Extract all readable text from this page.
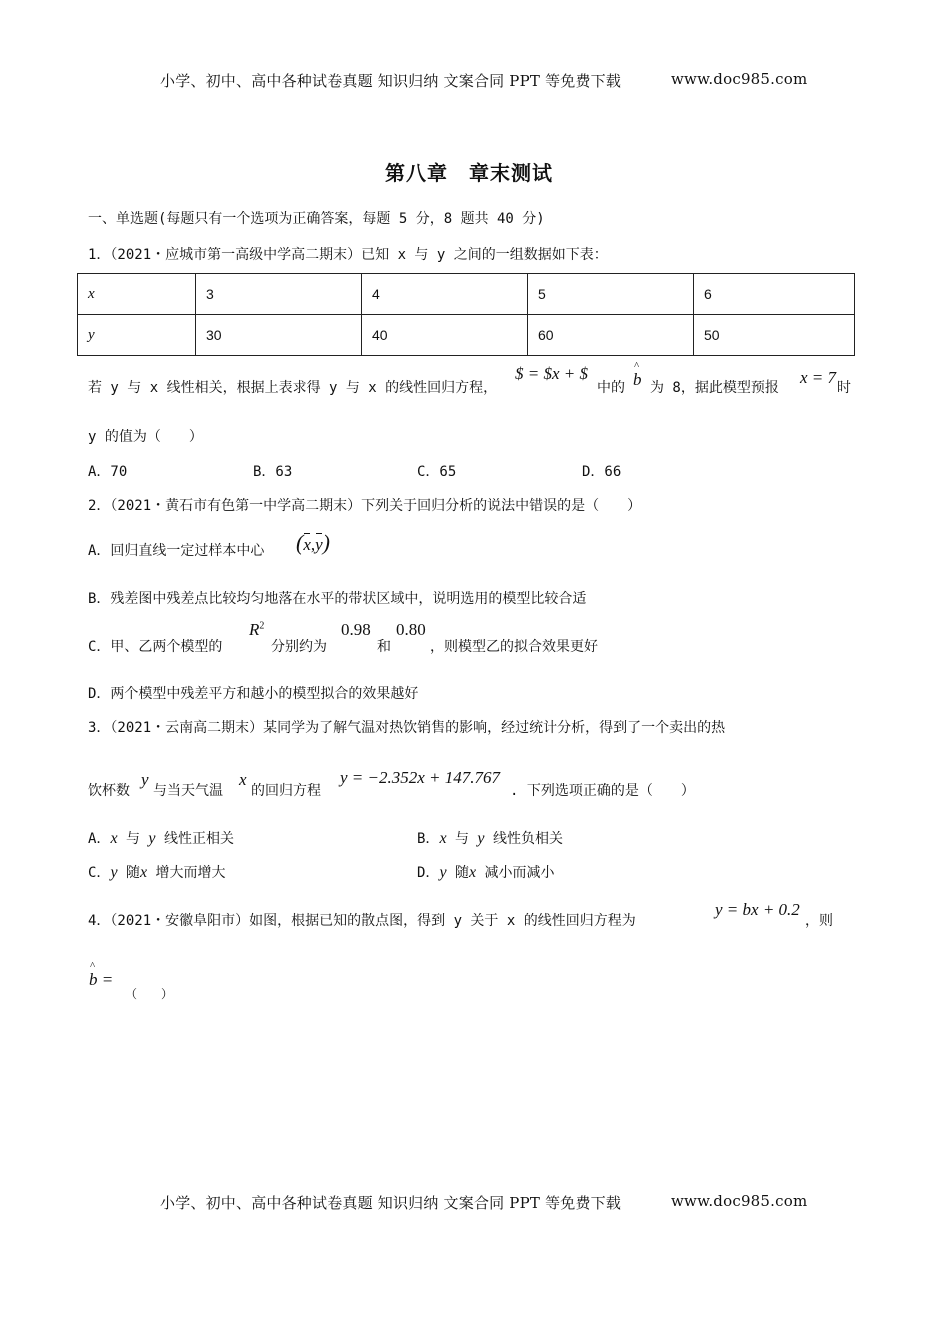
小学、初中、高中各种试卷真题 知识归纳 文案合同 PPT 等免费下载	www.doc985.com
第八章　章末测试
一、单选题(每题只有一个选项为正确答案，每题 5 分，8 题共 40 分)
1．（2021・应城市第一高级中学高二期末）已知 x 与 y 之间的一组数据如下表：
x	3	4	5	6
y	30	40	60	50
若 y 与 x 线性相关，根据上表求得 y 与 x 的线性回归方程，
$ = $x + $
中的 ^ b 为 8，据此模型预报
x = 7
时
y 的值为（　　）
A．70	B．63	C．65	D．66
2．（2021・黄石市有色第一中学高二期末）下列关于回归分析的说法中错误的是（　　）
A．回归直线一定过样本中心 (x,y)
B．残差图中残差点比较均匀地落在水平的带状区域中，说明选用的模型比较合适
C．甲、乙两个模型的
$R^2$
分别约为
0.98
和
0.80
，则模型乙的拟合效果更好
D．两个模型中残差平方和越小的模型拟合的效果越好
3．（2021・云南高二期末）某同学为了解气温对热饮销售的影响，经过统计分析，得到了一个卖出的热
饮杯数
y
与当天气温
x
的回归方程
y = −2.352x + 147.767
. 下列选项正确的是（　　）
A．x 与 y 线性正相关	B．x 与 y 线性负相关
C．y 随x 增大而增大	D．y 随x 减小而减小
4．（2021・安徽阜阳市）如图，根据已知的散点图，得到 y 关于 x 的线性回归方程为
y = bx + 0.2
，则
^ b =
（　　）
小学、初中、高中各种试卷真题 知识归纳 文案合同 PPT 等免费下载	www.doc985.com
